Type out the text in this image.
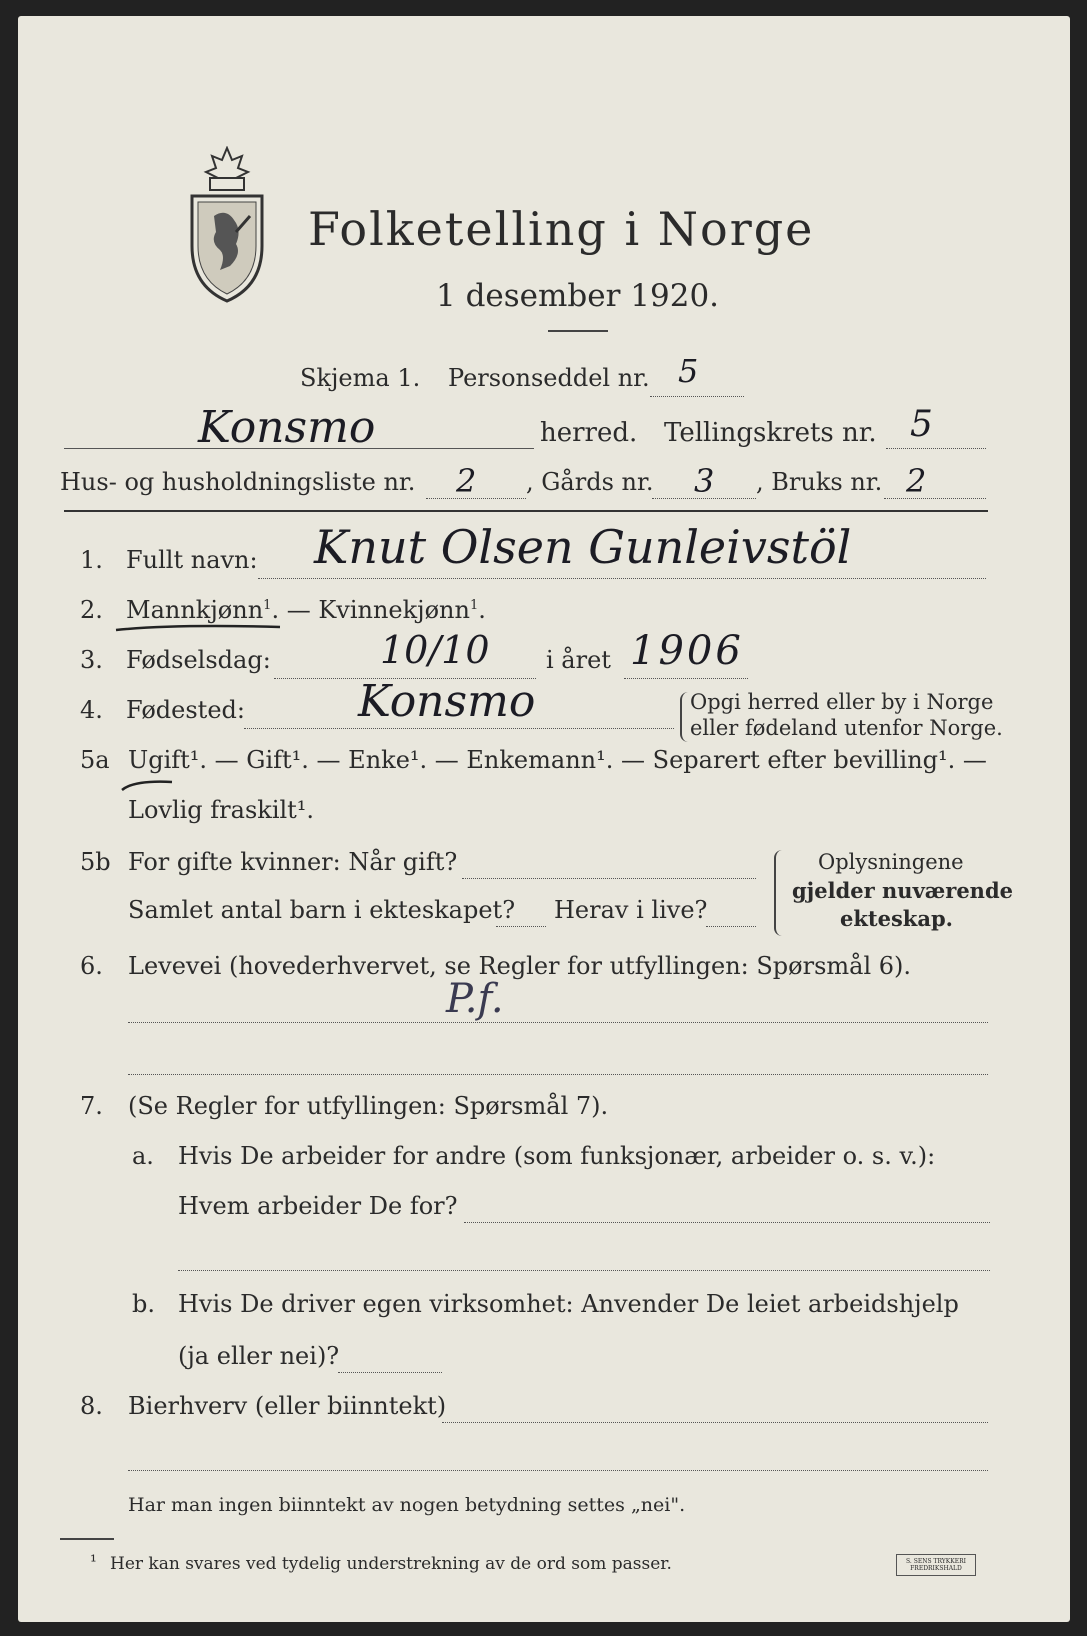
Folketelling i Norge
1 desember 1920.
Skjema 1. Personseddel nr. 5
Konsmo	herred. Tellingskrets nr. 5
Hus- og husholdningsliste nr. 2 , Gårds nr. 3 , Bruks nr. 2
1. Fullt navn: Knut Olsen Gunleivstöl
2. Mannkjønn$^1$. — Kvinnekjønn$^1$.
3. Fødselsdag:	10/10 i året 1906
4. Fødested:	Konsmo	Opgi herred eller by i Norge
eller fødeland utenfor Norge.
5a Ugift¹. — Gift¹. — Enke¹. — Enkemann¹. — Separert efter bevilling¹. —
Lovlig fraskilt¹.
5b For gifte kvinner: Når gift?
Samlet antal barn i ekteskapet? Herav i live?
Oplysningene
gjelder nuværende
ekteskap.
6. Levevei (hovederhvervet, se Regler for utfyllingen: Spørsmål 6).
P.f.
7. (Se Regler for utfyllingen: Spørsmål 7).
a. Hvis De arbeider for andre (som funksjonær, arbeider o. s. v.):
Hvem arbeider De for?
b. Hvis De driver egen virksomhet: Anvender De leiet arbeidshjelp
(ja eller nei)?
8. Bierhverv (eller biinntekt)
Har man ingen biinntekt av nogen betydning settes „nei".
¹ Her kan svares ved tydelig understrekning av de ord som passer.	S. SENS TRYKKERI FREDRIKSHALD
